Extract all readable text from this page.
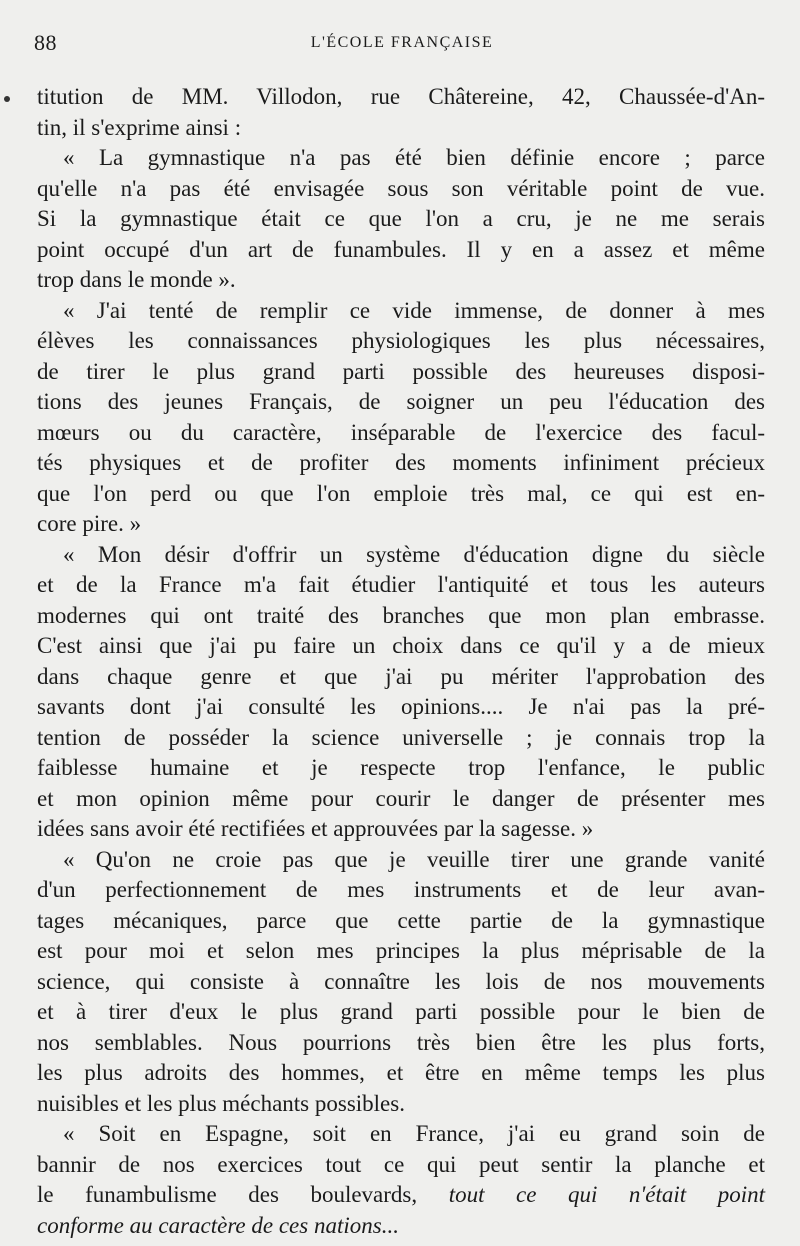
88	L'ÉCOLE FRANÇAISE
titution de MM. Villodon, rue Châtereine, 42, Chaussée-d'An-
tin, il s'exprime ainsi :
« La gymnastique n'a pas été bien définie encore ; parce
qu'elle n'a pas été envisagée sous son véritable point de vue.
Si la gymnastique était ce que l'on a cru, je ne me serais
point occupé d'un art de funambules. Il y en a assez et même
trop dans le monde ».
« J'ai tenté de remplir ce vide immense, de donner à mes
élèves les connaissances physiologiques les plus nécessaires,
de tirer le plus grand parti possible des heureuses disposi-
tions des jeunes Français, de soigner un peu l'éducation des
mœurs ou du caractère, inséparable de l'exercice des facul-
tés physiques et de profiter des moments infiniment précieux
que l'on perd ou que l'on emploie très mal, ce qui est en-
core pire. »
« Mon désir d'offrir un système d'éducation digne du siècle
et de la France m'a fait étudier l'antiquité et tous les auteurs
modernes qui ont traité des branches que mon plan embrasse.
C'est ainsi que j'ai pu faire un choix dans ce qu'il y a de mieux
dans chaque genre et que j'ai pu mériter l'approbation des
savants dont j'ai consulté les opinions.... Je n'ai pas la pré-
tention de posséder la science universelle ; je connais trop la
faiblesse humaine et je respecte trop l'enfance, le public
et mon opinion même pour courir le danger de présenter mes
idées sans avoir été rectifiées et approuvées par la sagesse. »
« Qu'on ne croie pas que je veuille tirer une grande vanité
d'un perfectionnement de mes instruments et de leur avan-
tages mécaniques, parce que cette partie de la gymnastique
est pour moi et selon mes principes la plus méprisable de la
science, qui consiste à connaître les lois de nos mouvements
et à tirer d'eux le plus grand parti possible pour le bien de
nos semblables. Nous pourrions très bien être les plus forts,
les plus adroits des hommes, et être en même temps les plus
nuisibles et les plus méchants possibles.
« Soit en Espagne, soit en France, j'ai eu grand soin de
bannir de nos exercices tout ce qui peut sentir la planche et
le funambulisme des boulevards, tout ce qui n'était point
conforme au caractère de ces nations...
